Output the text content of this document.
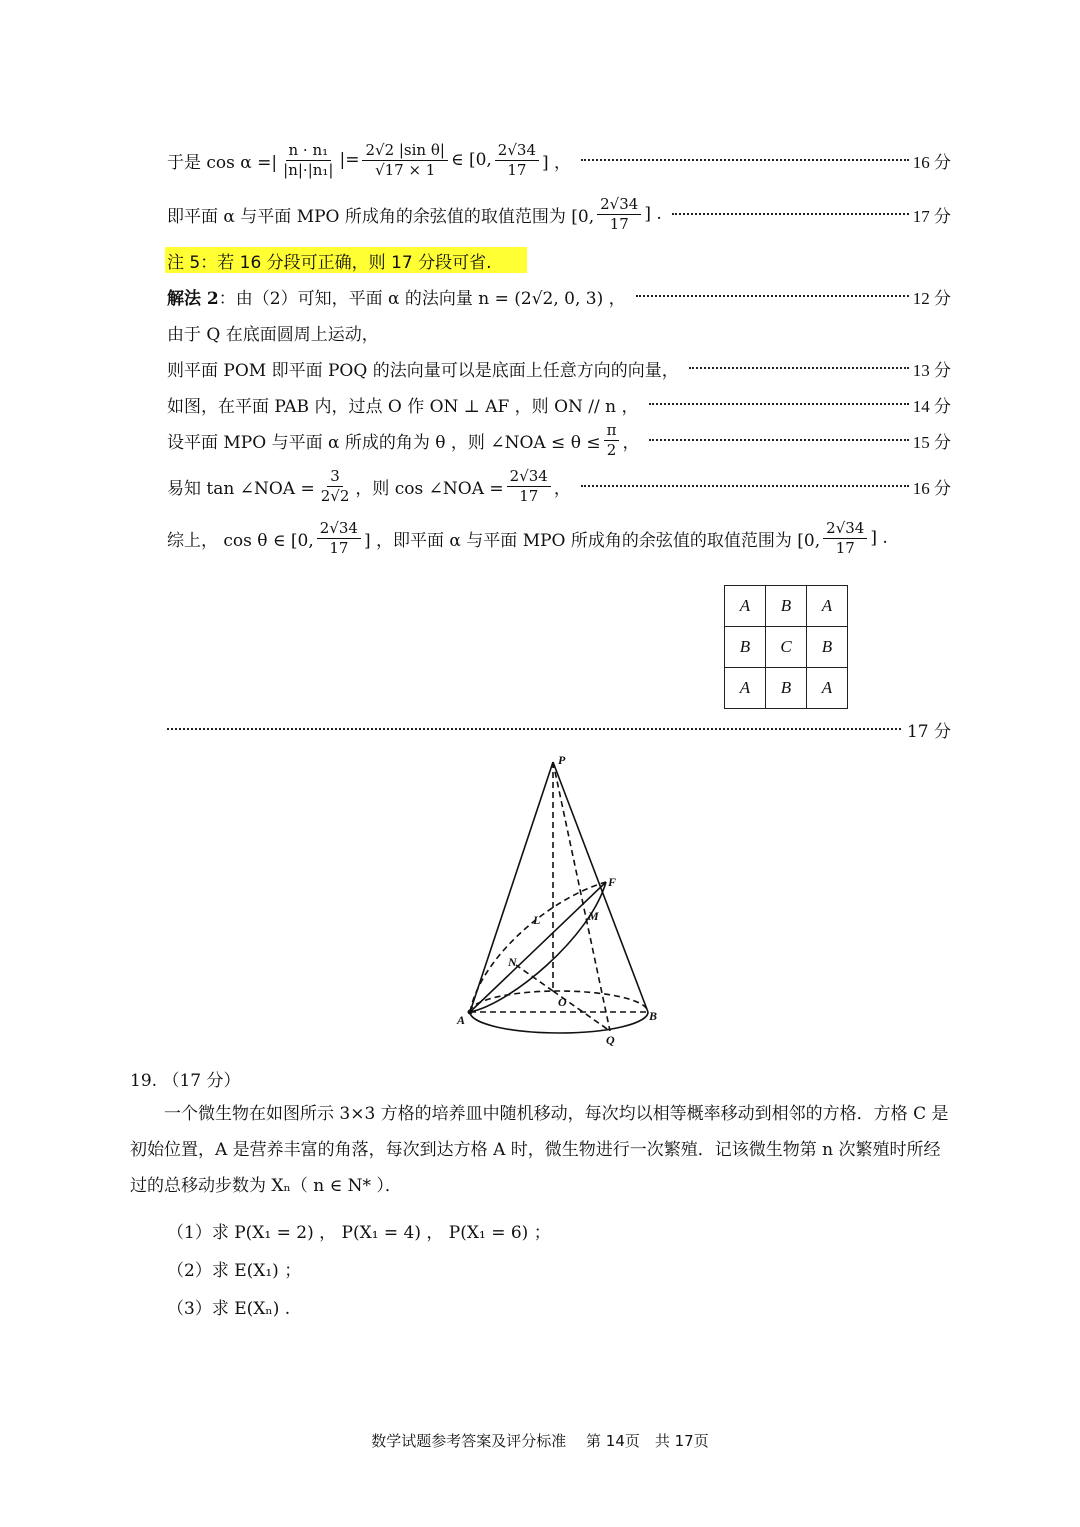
于是 cos α =| $\frac{\text{n · n₁}}{\text{|n|·|n₁|}}$ |= $\frac{\text{2√2 |sin θ|}}{√17 \times 1}$ ∈ [0, $\frac{2√34}{17}$ ] ，	16 分
即平面 α 与平面 MPO 所成角的余弦值的取值范围为 [0, $\frac{2√34}{17}$ ] .	17 分
注 5：若 16 分段可正确，则 17 分段可省.
解法 2 ：由（2）可知，平面 α 的法向量 n = (2√2, 0, 3) ，	12 分
由于 Q 在底面圆周上运动，
则平面 POM 即平面 POQ 的法向量可以是底面上任意方向的向量，	13 分
如图，在平面 PAB 内，过点 O 作 ON ⊥ AF ，则 ON // n ，	14 分
设平面 MPO 与平面 α 所成的角为 θ ，则 ∠NOA ≤ $\theta \le \frac{\pi}{2}$ ，	15 分
易知 tan ∠NOA = $\frac{3}{2√2}$ ，则 cos ∠NOA = $\frac{2√34}{17}$ ，	16 分
综上， cos θ ∈ [0, $\frac{2√34}{17}$ ] ，即平面 α 与平面 MPO 所成角的余弦值的取值范围为 [0, $\frac{2√34}{17}$ ] .
A	B	A
B	C	B
A	B	A
17 分
P
F
M
L
N
O
A	B
Q
19. （17 分）
一个微生物在如图所示 3×3 方格的培养皿中随机移动，每次均以相等概率移动到相邻的方格．方格 C 是初始位置，A 是营养丰富的角落，每次到达方格 A 时，微生物进行一次繁殖．记该微生物第 n 次繁殖时所经过的总移动步数为 Xₙ（ n ∈ N* ）．
（1）求 P(X₁ = 2) ， P(X₁ = 4) ， P(X₁ = 6) ；
（2）求 E(X₁) ；
（3）求 E(Xₙ) .
数学试题参考答案及评分标准　 第 14页　共 17页
